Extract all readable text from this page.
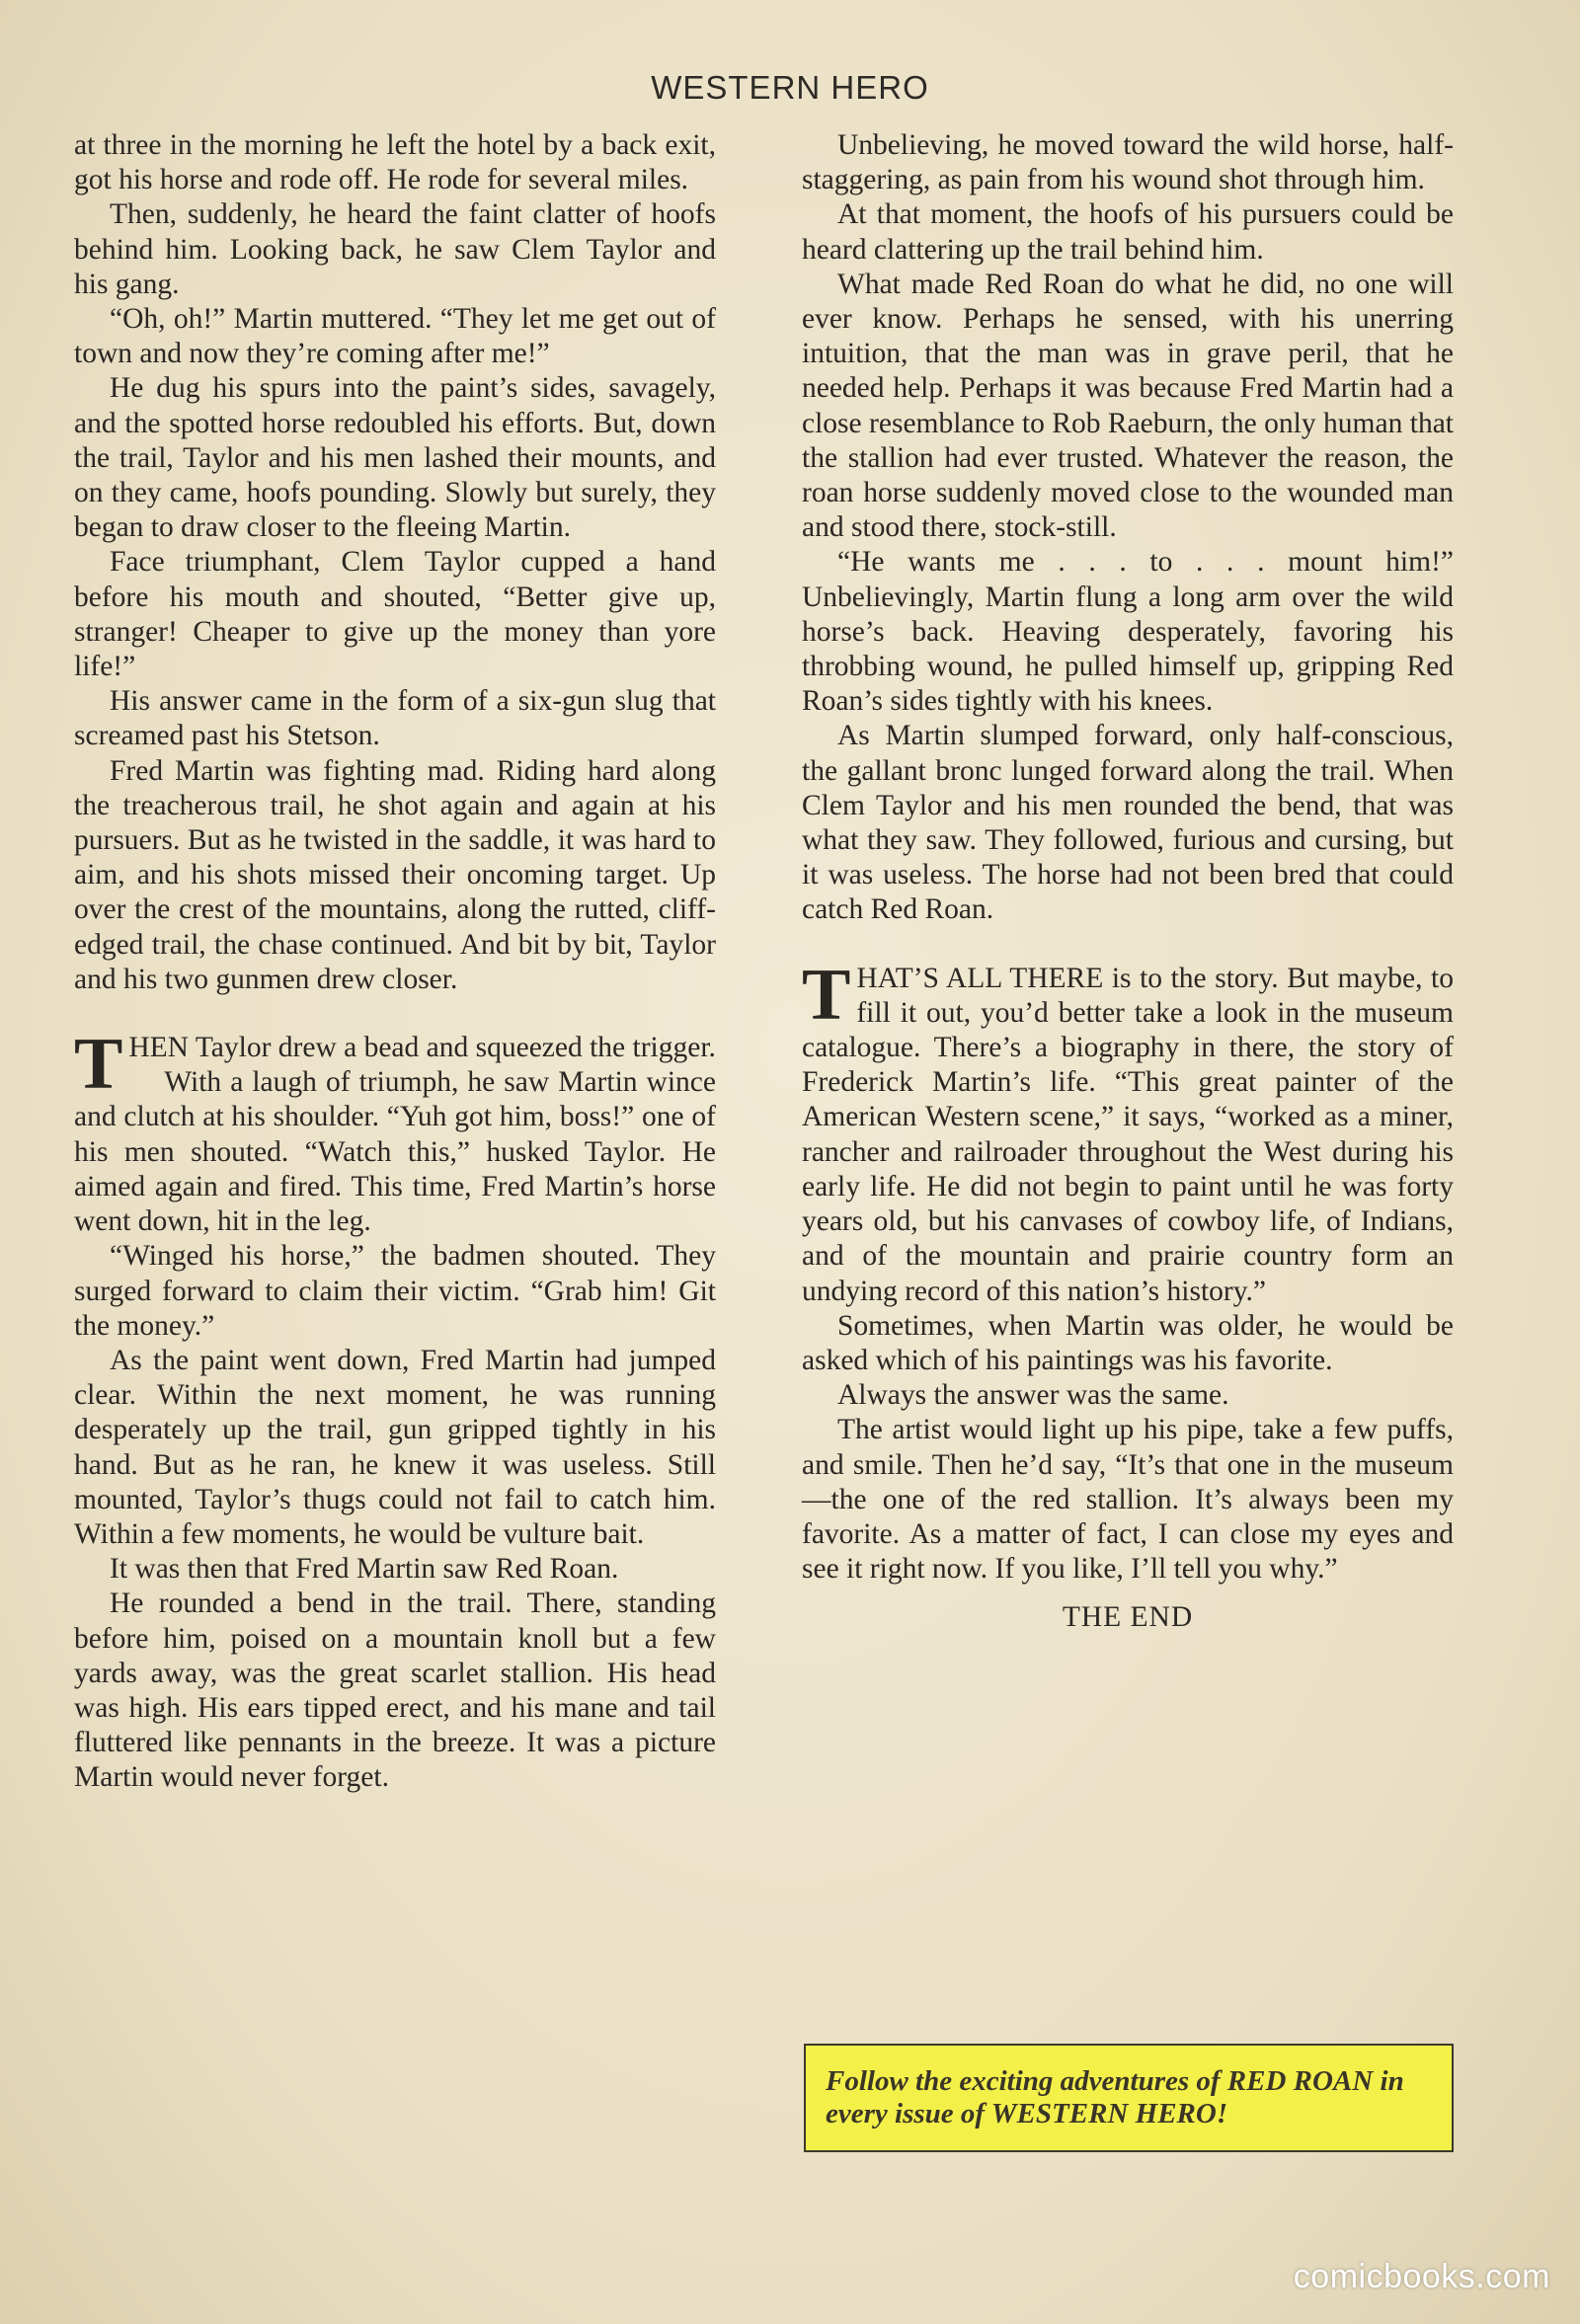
WESTERN HERO

at three in the morning he left the hotel by a back exit, got his horse and rode off. He rode for several miles.

Then, suddenly, he heard the faint clatter of hoofs behind him. Looking back, he saw Clem Taylor and his gang.

“Oh, oh!” Martin muttered. “They let me get out of town and now they’re coming after me!”

He dug his spurs into the paint’s sides, savagely, and the spotted horse redoubled his efforts. But, down the trail, Taylor and his men lashed their mounts, and on they came, hoofs pounding. Slowly but surely, they began to draw closer to the fleeing Martin.

Face triumphant, Clem Taylor cupped a hand before his mouth and shouted, “Better give up, stranger! Cheaper to give up the money than yore life!”

His answer came in the form of a six-gun slug that screamed past his Stetson.

Fred Martin was fighting mad. Riding hard along the treacherous trail, he shot again and again at his pursuers. But as he twisted in the saddle, it was hard to aim, and his shots missed their oncoming target. Up over the crest of the mountains, along the rutted, cliff-edged trail, the chase continued. And bit by bit, Taylor and his two gunmen drew closer.

THEN Taylor drew a bead and squeezed the trigger.

With a laugh of triumph, he saw Martin wince and clutch at his shoulder. “Yuh got him, boss!” one of his men shouted. “Watch this,” husked Taylor. He aimed again and fired. This time, Fred Martin’s horse went down, hit in the leg.

“Winged his horse,” the badmen shouted. They surged forward to claim their victim. “Grab him! Git the money.”

As the paint went down, Fred Martin had jumped clear. Within the next moment, he was running desperately up the trail, gun gripped tightly in his hand. But as he ran, he knew it was useless. Still mounted, Taylor’s thugs could not fail to catch him. Within a few moments, he would be vulture bait.

It was then that Fred Martin saw Red Roan.

He rounded a bend in the trail. There, standing before him, poised on a mountain knoll but a few yards away, was the great scarlet stallion. His head was high. His ears tipped erect, and his mane and tail fluttered like pennants in the breeze. It was a picture Martin would never forget.

Unbelieving, he moved toward the wild horse, half-staggering, as pain from his wound shot through him.

At that moment, the hoofs of his pursuers could be heard clattering up the trail behind him.

What made Red Roan do what he did, no one will ever know. Perhaps he sensed, with his unerring intuition, that the man was in grave peril, that he needed help. Perhaps it was because Fred Martin had a close resemblance to Rob Raeburn, the only human that the stallion had ever trusted. Whatever the reason, the roan horse suddenly moved close to the wounded man and stood there, stock-still.

“He wants me . . . to . . . mount him!” Unbelievingly, Martin flung a long arm over the wild horse’s back. Heaving desperately, favoring his throbbing wound, he pulled himself up, gripping Red Roan’s sides tightly with his knees.

As Martin slumped forward, only half-conscious, the gallant bronc lunged forward along the trail. When Clem Taylor and his men rounded the bend, that was what they saw. They followed, furious and cursing, but it was useless. The horse had not been bred that could catch Red Roan.

THAT’S ALL THERE is to the story. But maybe, to fill it out, you’d better take a look in the museum catalogue. There’s a biography in there, the story of Frederick Martin’s life. “This great painter of the American Western scene,” it says, “worked as a miner, rancher and railroader throughout the West during his early life. He did not begin to paint until he was forty years old, but his canvases of cowboy life, of Indians, and of the mountain and prairie country form an undying record of this nation’s history.”

Sometimes, when Martin was older, he would be asked which of his paintings was his favorite.

Always the answer was the same.

The artist would light up his pipe, take a few puffs, and smile. Then he’d say, “It’s that one in the museum—the one of the red stallion. It’s always been my favorite. As a matter of fact, I can close my eyes and see it right now. If you like, I’ll tell you why.”

THE END

Follow the exciting adventures of RED ROAN in every issue of WESTERN HERO!
comicbooks.com
